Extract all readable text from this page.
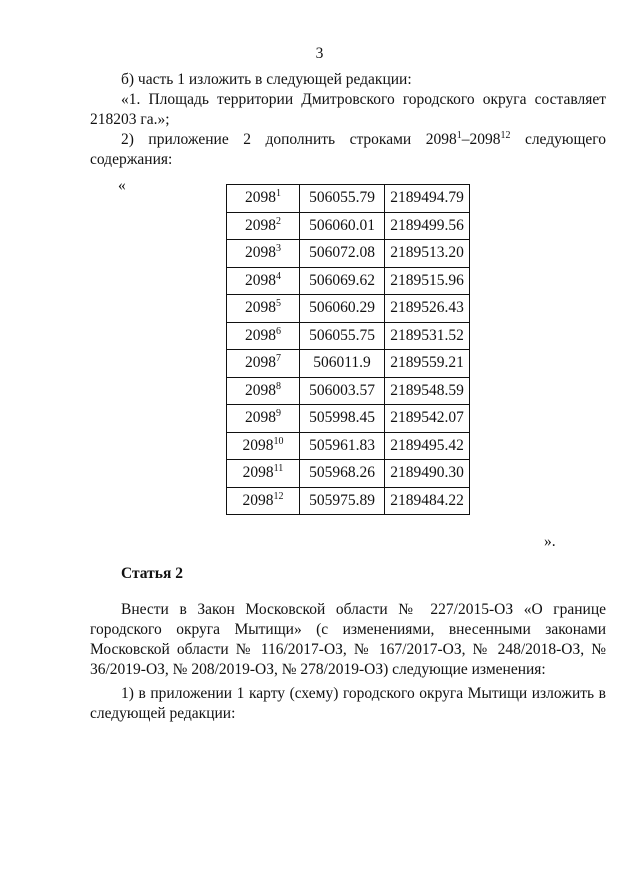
3
б) часть 1 изложить в следующей редакции:
«1. Площадь территории Дмитровского городского округа составляет 218203 га.»;
2) приложение 2 дополнить строками 2098$^1$–2098$^{12}$ следующего содержания:
«
2098$^1$	506055.79	2189494.79
2098$^2$	506060.01	2189499.56
2098$^3$	506072.08	2189513.20
2098$^4$	506069.62	2189515.96
2098$^5$	506060.29	2189526.43
2098$^6$	506055.75	2189531.52
2098$^7$	506011.9	2189559.21
2098$^8$	506003.57	2189548.59
2098$^9$	505998.45	2189542.07
2098$^{10}$	505961.83	2189495.42
2098$^{11}$	505968.26	2189490.30
2098$^{12}$	505975.89	2189484.22
».
Статья 2
Внести в Закон Московской области № 227/2015-ОЗ «О границе городского округа Мытищи» (с изменениями, внесенными законами Московской области № 116/2017-ОЗ, № 167/2017-ОЗ, № 248/2018-ОЗ, № 36/2019-ОЗ, № 208/2019-ОЗ, № 278/2019-ОЗ) следующие изменения:
1) в приложении 1 карту (схему) городского округа Мытищи изложить в следующей редакции:
